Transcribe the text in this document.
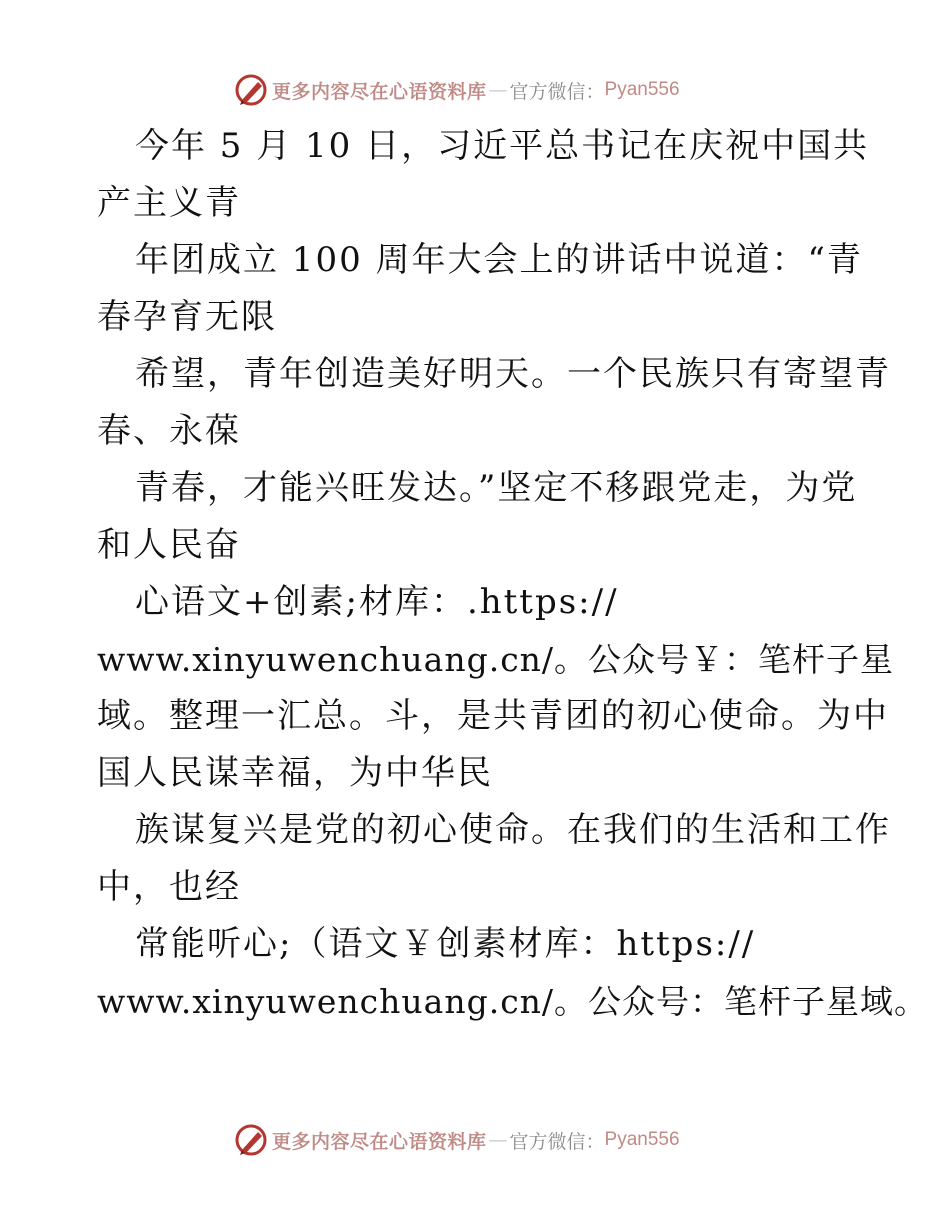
更多内容尽在心语资料库 — 官方微信： Pyan556
今年 5 月 10 日，习近平总书记在庆祝中国共
产主义青
年团成立 100 周年大会上的讲话中说道：“青
春孕育无限
希望，青年创造美好明天。一个民族只有寄望青
春、永葆
青春，才能兴旺发达。”坚定不移跟党走，为党
和人民奋
心语文+创素;材库：.https://
www.xinyuwenchuang.cn/。公众号￥：笔杆子星
域。整理一汇总。斗，是共青团的初心使命。为中
国人民谋幸福，为中华民
族谋复兴是党的初心使命。在我们的生活和工作
中，也经
常能听心;（语文￥创素材库：https://
www.xinyuwenchuang.cn/。公众号：笔杆子星域。
更多内容尽在心语资料库 — 官方微信： Pyan556
